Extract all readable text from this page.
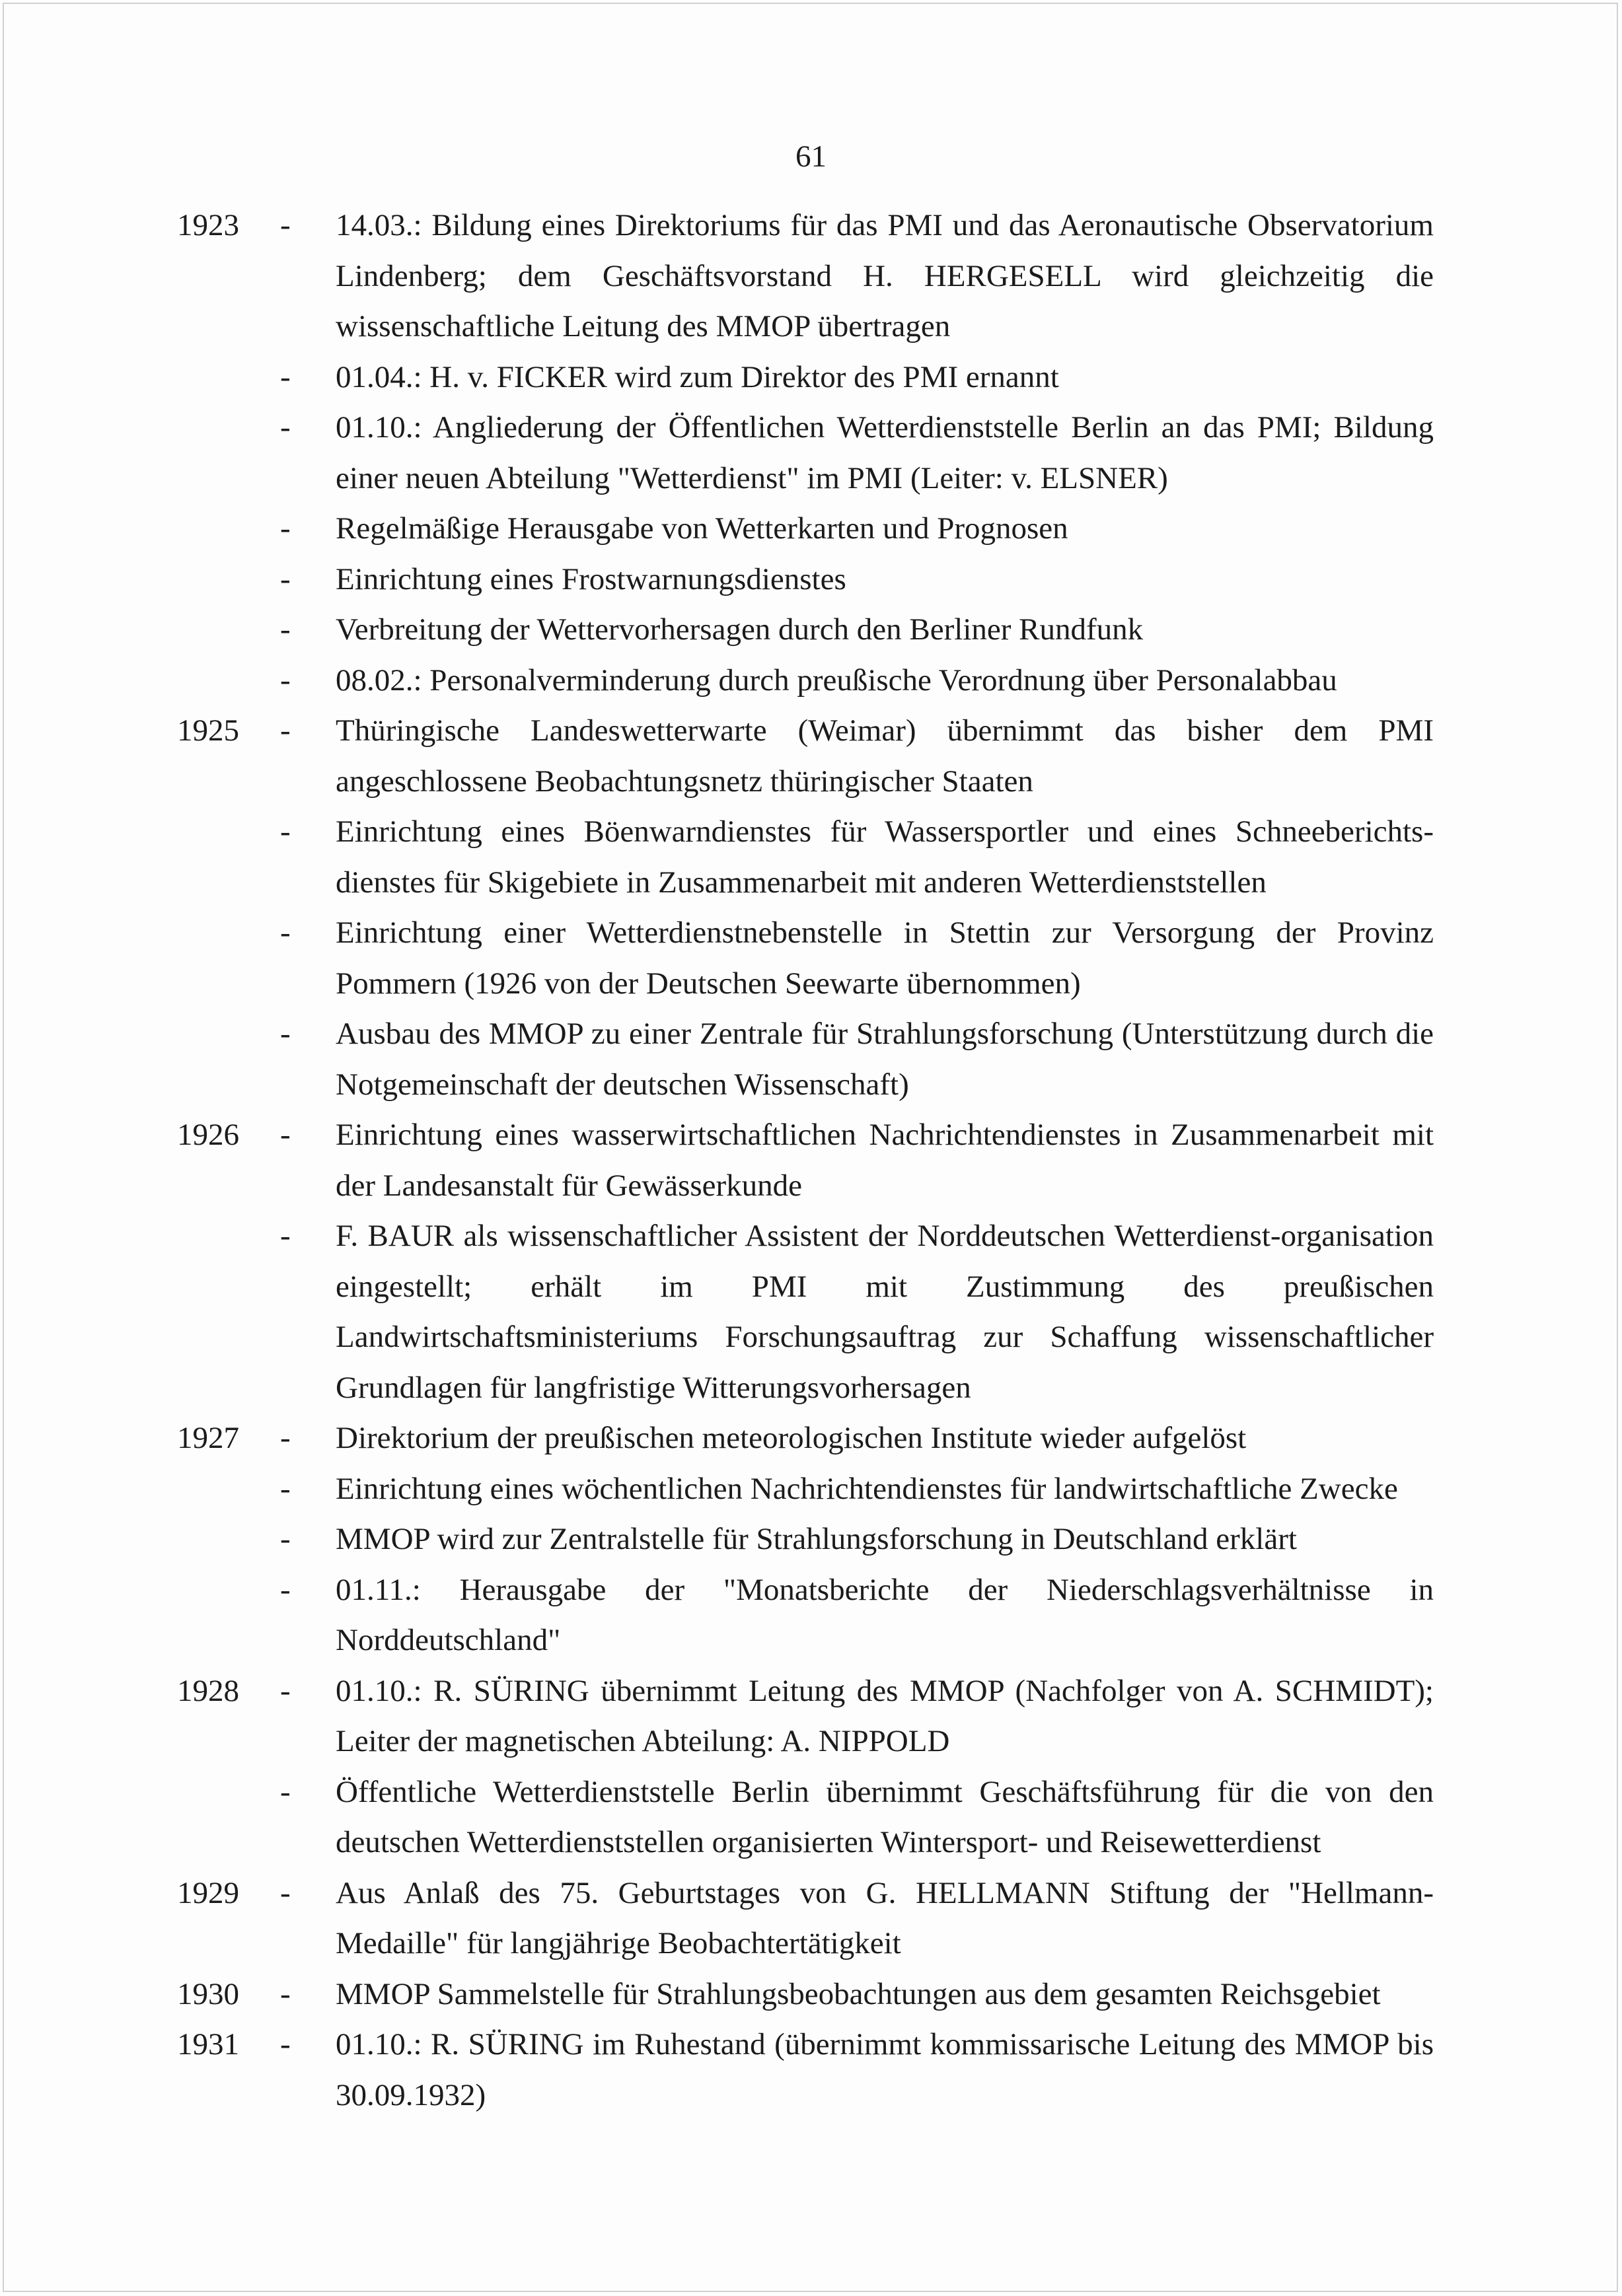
61
1923	-	14.03.: Bildung eines Direktoriums für das PMI und das Aeronautische Observatorium Lindenberg; dem Geschäftsvorstand H. HERGESELL wird gleichzeitig die wissenschaftliche Leitung des MMOP übertragen
-	01.04.: H. v. FICKER wird zum Direktor des PMI ernannt
-	01.10.: Angliederung der Öffentlichen Wetterdienststelle Berlin an das PMI; Bildung einer neuen Abteilung "Wetterdienst" im PMI (Leiter: v. ELSNER)
-	Regelmäßige Herausgabe von Wetterkarten und Prognosen
-	Einrichtung eines Frostwarnungsdienstes
-	Verbreitung der Wettervorhersagen durch den Berliner Rundfunk
-	08.02.: Personalverminderung durch preußische Verordnung über Personalabbau
1925	-	Thüringische Landeswetterwarte (Weimar) übernimmt das bisher dem PMI angeschlossene Beobachtungsnetz thüringischer Staaten
-	Einrichtung eines Böenwarndienstes für Wassersportler und eines Schneeberichts-dienstes für Skigebiete in Zusammenarbeit mit anderen Wetterdienststellen
-	Einrichtung einer Wetterdienstnebenstelle in Stettin zur Versorgung der Provinz Pommern (1926 von der Deutschen Seewarte übernommen)
-	Ausbau des MMOP zu einer Zentrale für Strahlungsforschung (Unterstützung durch die Notgemeinschaft der deutschen Wissenschaft)
1926	-	Einrichtung eines wasserwirtschaftlichen Nachrichtendienstes in Zusammenarbeit mit der Landesanstalt für Gewässerkunde
-	F. BAUR als wissenschaftlicher Assistent der Norddeutschen Wetterdienst-organisation eingestellt; erhält im PMI mit Zustimmung des preußischen Landwirtschaftsministeriums Forschungsauftrag zur Schaffung wissenschaftlicher Grundlagen für langfristige Witterungsvorhersagen
1927	-	Direktorium der preußischen meteorologischen Institute wieder aufgelöst
-	Einrichtung eines wöchentlichen Nachrichtendienstes für landwirtschaftliche Zwecke
-	MMOP wird zur Zentralstelle für Strahlungsforschung in Deutschland erklärt
-	01.11.: Herausgabe der "Monatsberichte der Niederschlagsverhältnisse in Norddeutschland"
1928	-	01.10.: R. SÜRING übernimmt Leitung des MMOP (Nachfolger von A. SCHMIDT); Leiter der magnetischen Abteilung: A. NIPPOLD
-	Öffentliche Wetterdienststelle Berlin übernimmt Geschäftsführung für die von den deutschen Wetterdienststellen organisierten Wintersport- und Reisewetterdienst
1929	-	Aus Anlaß des 75. Geburtstages von G. HELLMANN Stiftung der "Hellmann-Medaille" für langjährige Beobachtertätigkeit
1930	-	MMOP Sammelstelle für Strahlungsbeobachtungen aus dem gesamten Reichsgebiet
1931	-	01.10.: R. SÜRING im Ruhestand (übernimmt kommissarische Leitung des MMOP bis 30.09.1932)
